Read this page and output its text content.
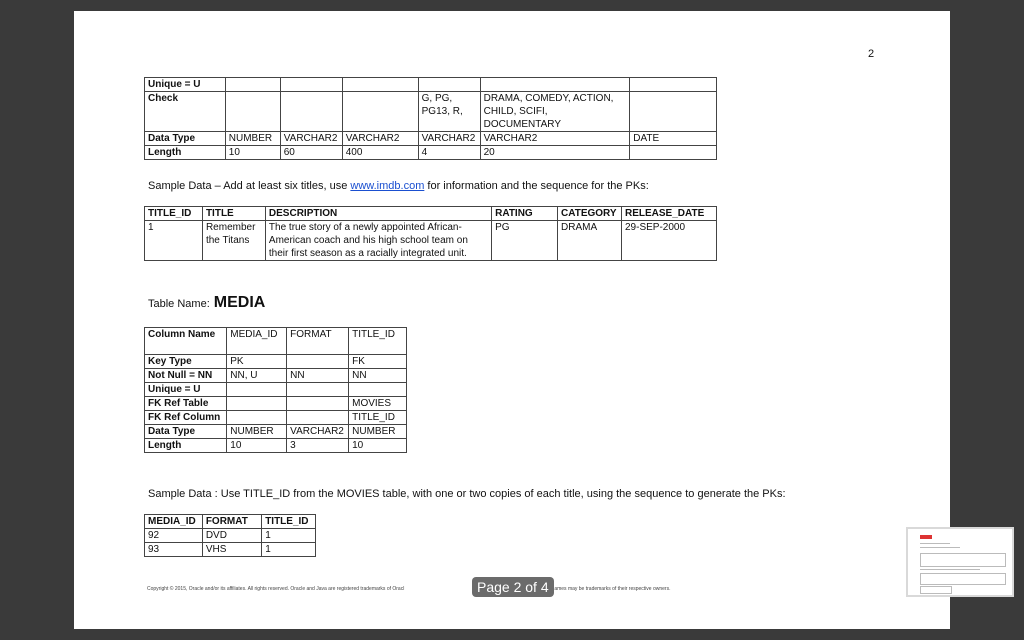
2
Unique = U						
Check				G, PG, PG13, R,	DRAMA, COMEDY, ACTION, CHILD, SCIFI, DOCUMENTARY	
Data Type	NUMBER	VARCHAR2	VARCHAR2	VARCHAR2	VARCHAR2	DATE
Length	10	60	400	4	20	
Sample Data – Add at least six titles, use www.imdb.com for information and the sequence for the PKs:
TITLE_ID	TITLE	DESCRIPTION	RATING	CATEGORY	RELEASE_DATE
1	Remember the Titans	The true story of a newly appointed African-American coach and his high school team on their first season as a racially integrated unit.	PG	DRAMA	29-SEP-2000
Table Name: MEDIA
Column Name	MEDIA_ID	FORMAT	TITLE_ID
Key Type	PK		FK
Not Null = NN	NN, U	NN	NN
Unique = U			
FK Ref Table			MOVIES
FK Ref Column			TITLE_ID
Data Type	NUMBER	VARCHAR2	NUMBER
Length	10	3	10
Sample Data : Use TITLE_ID from the MOVIES table, with one or two copies of each title, using the sequence to generate the PKs:
MEDIA_ID	FORMAT	TITLE_ID
92	DVD	1
93	VHS	1
Copyright © 2015, Oracle and/or its affiliates. All rights reserved. Oracle and Java are registered trademarks of Oracl	ames may be trademarks of their respective owners.
Page 2 of 4
